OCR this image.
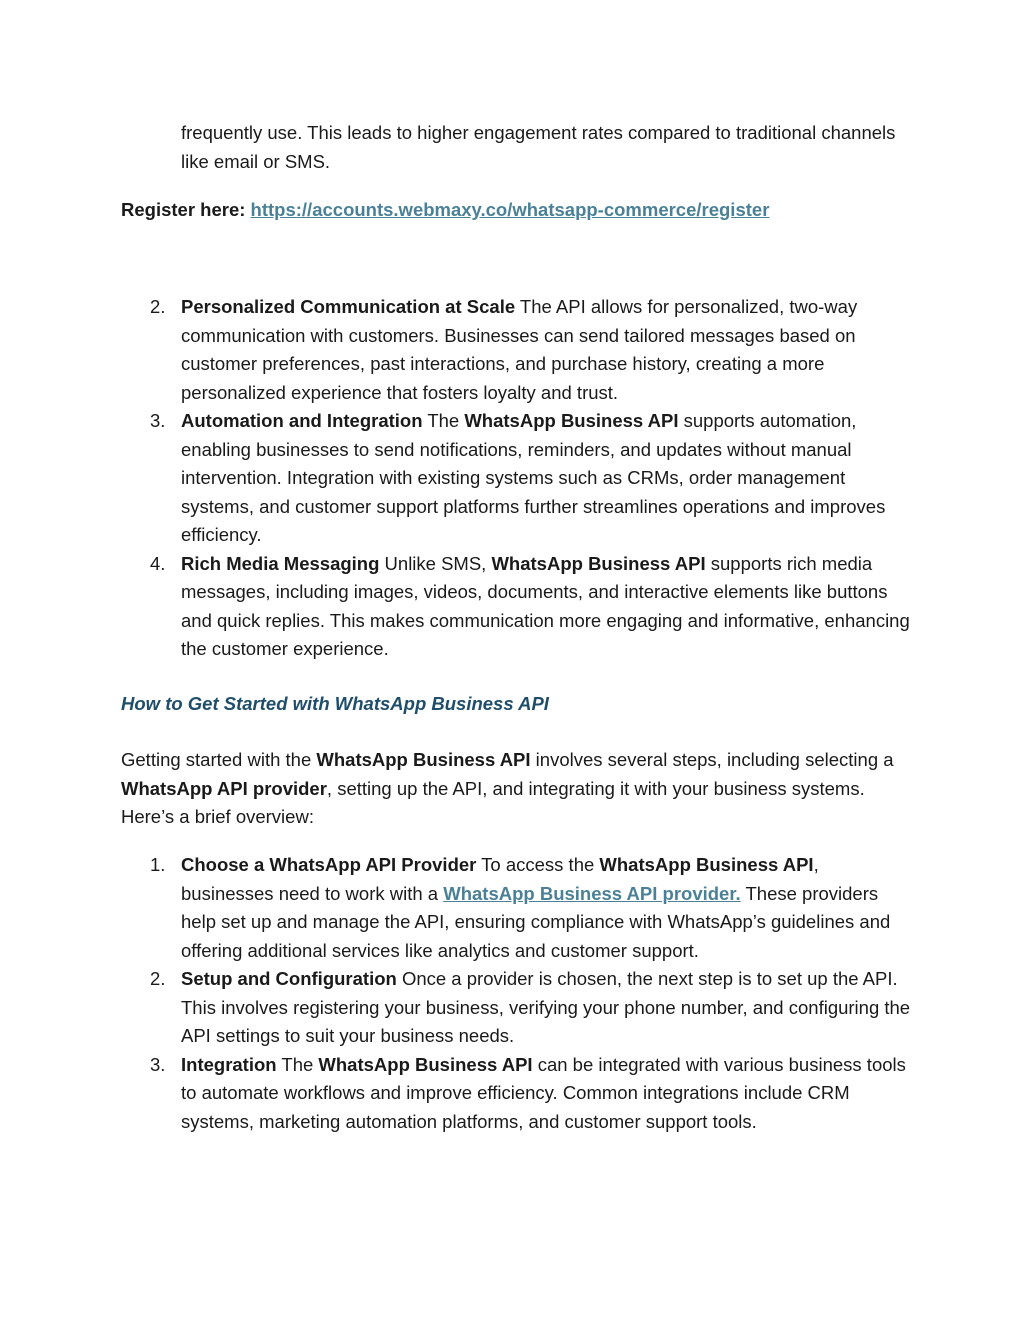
frequently use. This leads to higher engagement rates compared to traditional channels like email or SMS.

Register here: https://accounts.webmaxy.co/whatsapp-commerce/register

2. Personalized Communication at Scale The API allows for personalized, two-way communication with customers. Businesses can send tailored messages based on customer preferences, past interactions, and purchase history, creating a more personalized experience that fosters loyalty and trust.

3. Automation and Integration The WhatsApp Business API supports automation, enabling businesses to send notifications, reminders, and updates without manual intervention. Integration with existing systems such as CRMs, order management systems, and customer support platforms further streamlines operations and improves efficiency.

4. Rich Media Messaging Unlike SMS, WhatsApp Business API supports rich media messages, including images, videos, documents, and interactive elements like buttons and quick replies. This makes communication more engaging and informative, enhancing the customer experience.

How to Get Started with WhatsApp Business API

Getting started with the WhatsApp Business API involves several steps, including selecting a WhatsApp API provider, setting up the API, and integrating it with your business systems. Here’s a brief overview:

1. Choose a WhatsApp API Provider To access the WhatsApp Business API, businesses need to work with a WhatsApp Business API provider. These providers help set up and manage the API, ensuring compliance with WhatsApp’s guidelines and offering additional services like analytics and customer support.

2. Setup and Configuration Once a provider is chosen, the next step is to set up the API. This involves registering your business, verifying your phone number, and configuring the API settings to suit your business needs.

3. Integration The WhatsApp Business API can be integrated with various business tools to automate workflows and improve efficiency. Common integrations include CRM systems, marketing automation platforms, and customer support tools.
